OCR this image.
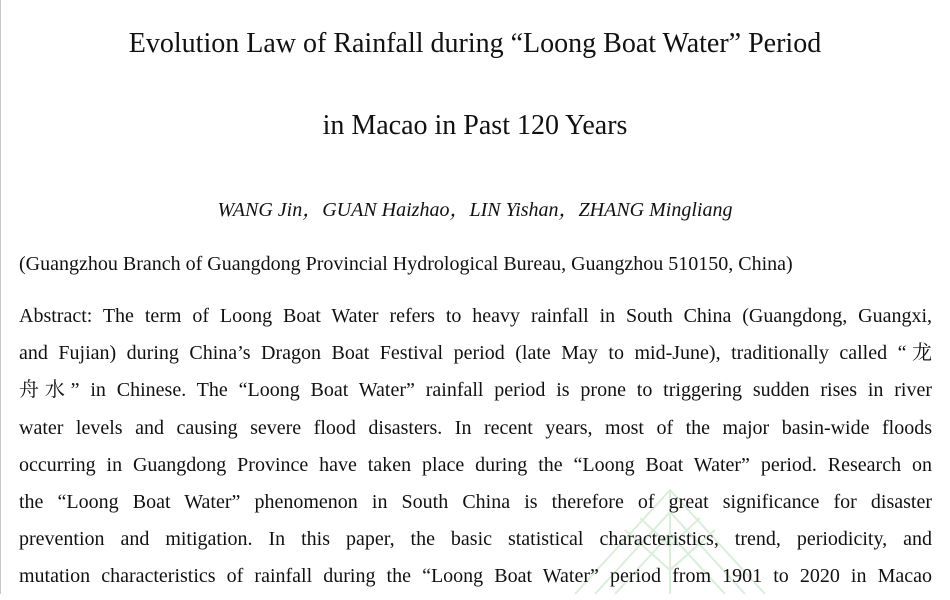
Evolution Law of Rainfall during “Loong Boat Water” Period
in Macao in Past 120 Years
WANG Jin，GUAN Haizhao，LIN Yishan，ZHANG Mingliang
(Guangzhou Branch of Guangdong Provincial Hydrological Bureau, Guangzhou 510150, China)
Abstract: The term of Loong Boat Water refers to heavy rainfall in South China (Guangdong, Guangxi,
and Fujian) during China’s Dragon Boat Festival period (late May to mid-June), traditionally called “龙
舟水” in Chinese. The “Loong Boat Water” rainfall period is prone to triggering sudden rises in river
water levels and causing severe flood disasters. In recent years, most of the major basin-wide floods
occurring in Guangdong Province have taken place during the “Loong Boat Water” period. Research on
the “Loong Boat Water” phenomenon in South China is therefore of great significance for disaster
prevention and mitigation. In this paper, the basic statistical characteristics, trend, periodicity, and
mutation characteristics of rainfall during the “Loong Boat Water” period from 1901 to 2020 in Macao
